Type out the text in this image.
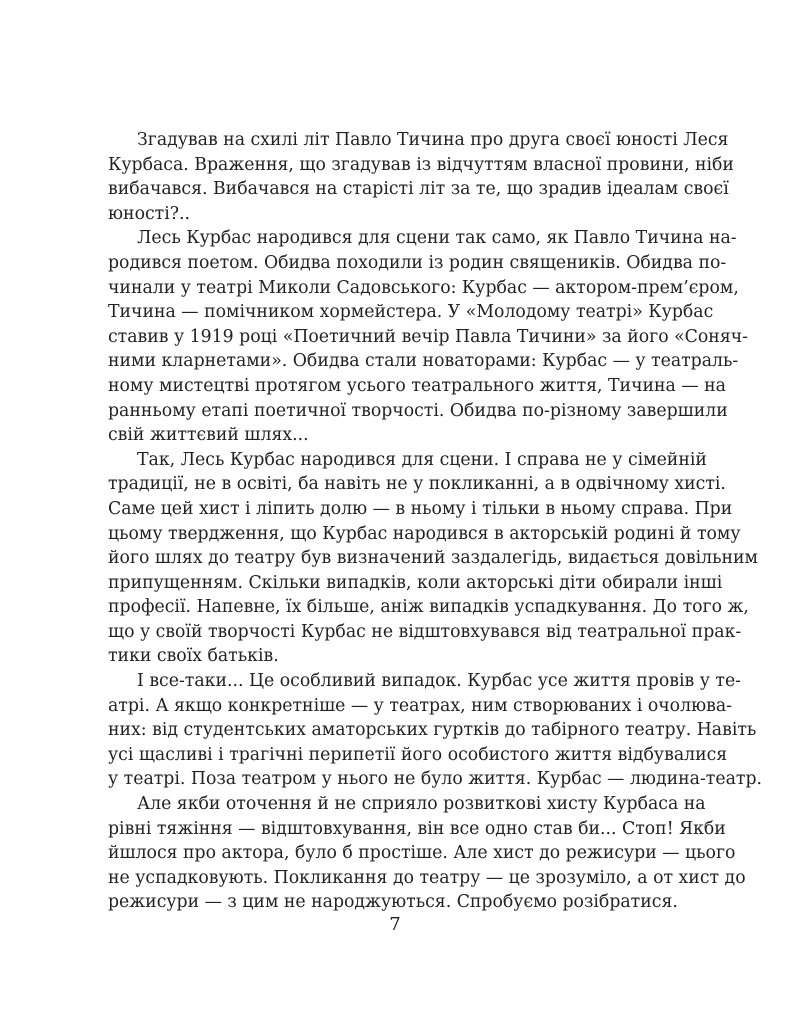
Згадував на схилі літ Павло Тичина про друга своєї юності Леся
Курбаса. Враження, що згадував із відчуттям власної провини, ніби
вибачався. Вибачався на старісті літ за те, що зрадив ідеалам своєї
юності?..
Лесь Курбас народився для сцени так само, як Павло Тичина на-
родився поетом. Обидва походили із родин священиків. Обидва по-
чинали у театрі Миколи Садовського: Курбас — актором-прем’єром,
Тичина — помічником хормейстера. У «Молодому театрі» Курбас
ставив у 1919 році «Поетичний вечір Павла Тичини» за його «Соняч-
ними кларнетами». Обидва стали новаторами: Курбас — у театраль-
ному мистецтві протягом усього театрального життя, Тичина — на
ранньому етапі поетичної творчості. Обидва по-різному завершили
свій життєвий шлях...
Так, Лесь Курбас народився для сцени. І справа не у сімейній
традиції, не в освіті, ба навіть не у покликанні, а в одвічному хисті.
Саме цей хист і ліпить долю — в ньому і тільки в ньому справа. При
цьому твердження, що Курбас народився в акторській родині й тому
його шлях до театру був визначений заздалегідь, видається довільним
припущенням. Скільки випадків, коли акторські діти обирали інші
професії. Напевне, їх більше, аніж випадків успадкування. До того ж,
що у своїй творчості Курбас не відштовхувався від театральної прак-
тики своїх батьків.
І все-таки... Це особливий випадок. Курбас усе життя провів у те-
атрі. А якщо конкретніше — у театрах, ним створюваних і очолюва-
них: від студентських аматорських гуртків до табірного театру. Навіть
усі щасливі і трагічні перипетії його особистого життя відбувалися
у театрі. Поза театром у нього не було життя. Курбас — людина-театр.
Але якби оточення й не сприяло розвиткові хисту Курбаса на
рівні тяжіння — відштовхування, він все одно став би... Стоп! Якби
йшлося про актора, було б простіше. Але хист до режисури — цього
не успадковують. Покликання до театру — це зрозуміло, а от хист до
режисури — з цим не народжуються. Спробуємо розібратися.
7
